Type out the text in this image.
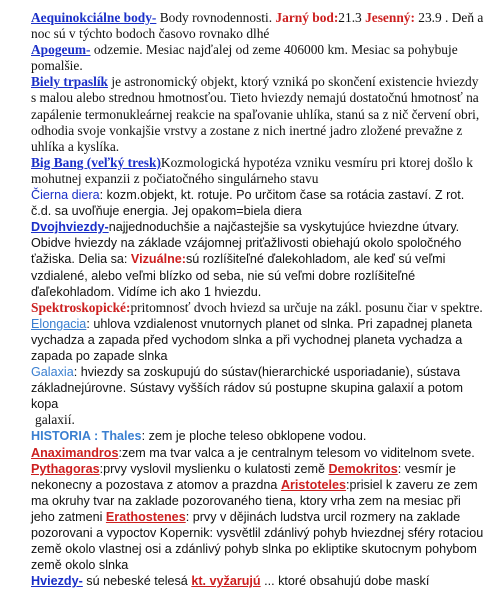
Aequinokciálne body- Body rovnodennosti. Jarný bod:21.3 Jesenný: 23.9 . Deň a noc sú v týchto bodoch časovo rovnako dlhé

Apogeum- odzemie. Mesiac najďalej od zeme 406000 km. Mesiac sa pohybuje pomalšie.

Biely trpaslík je astronomický objekt, ktorý vzniká po skončení existencie hviezdy s malou alebo strednou hmotnosťou. Tieto hviezdy nemajú dostatočnú hmotnosť na zapálenie termonukleárnej reakcie na spaľovanie uhlíka, stanú sa z nič červení obri, odhodia svoje vonkajšie vrstvy a zostane z nich inertné jadro zložené prevažne z uhlíka a kyslíka.

Big Bang (veľký tresk)Kozmologická hypotéza vzniku vesmíru pri ktorej došlo k mohutnej expanzii z počiatočného singulárneho stavu

Čierna diera: kozm.objekt, kt. rotuje. Po určitom čase sa rotácia zastaví. Z rot. č.d. sa uvoľňuje energia. Jej opakom=biela diera

Dvojhviezdy-najjednoduchšie a najčastejšie sa vyskytujúce hviezdne útvary. Obidve hviezdy na základe vzájomnej priťažlivosti obiehajú okolo spoločného ťažiska. Delia sa: Vizuálne:sú rozlíšiteľné ďalekohladom, ale keď sú veľmi vzdialené, alebo veľmi blízko od seba, nie sú veľmi dobre rozlíšiteľné ďaľekohladom. Vidíme ich ako 1 hviezdu.

Spektroskopické:pritomnosť dvoch hviezd sa určuje na zákl. posunu čiar v spektre.

Elongacia: uhlova vzdialenost vnutornych planet od slnka. Pri zapadnej planeta vychadza a zapada před vychodom slnka a při vychodnej planeta vychadza a zapada po zapade slnka

Galaxia: hviezdy sa zoskupujú do sústav(hierarchické usporiadanie), sústava základnejúrovne. Sústavy vyšších rádov sú postupne skupina galaxií a potom kopa

galaxií.

HISTORIA : Thales: zem je ploche teleso obklopene vodou.

Anaximandros:zem ma tvar valca a je centralnym telesom vo viditelnom svete. Pythagoras:prvy vyslovil myslienku o kulatosti země Demokritos: vesmír je nekonecny a pozostava z atomov a prazdna Aristoteles:prisiel k zaveru ze zem ma okruhy tvar na zaklade pozorovaného tiena, ktory vrha zem na mesiac při jeho zatmeni Erathostenes: prvy v dějinách ludstva urcil rozmery na zaklade pozorovani a vypoctov Kopernik: vysvětlil zdánlivý pohyb hviezdnej sféry rotaciou země okolo vlastnej osi a zdánlivý pohyb slnka po ekliptike skutocnym pohybom země okolo slnka

Hviezdy- sú nebeské telesá kt. vyžarujú ... ktoré obsahujú dobe maskí
